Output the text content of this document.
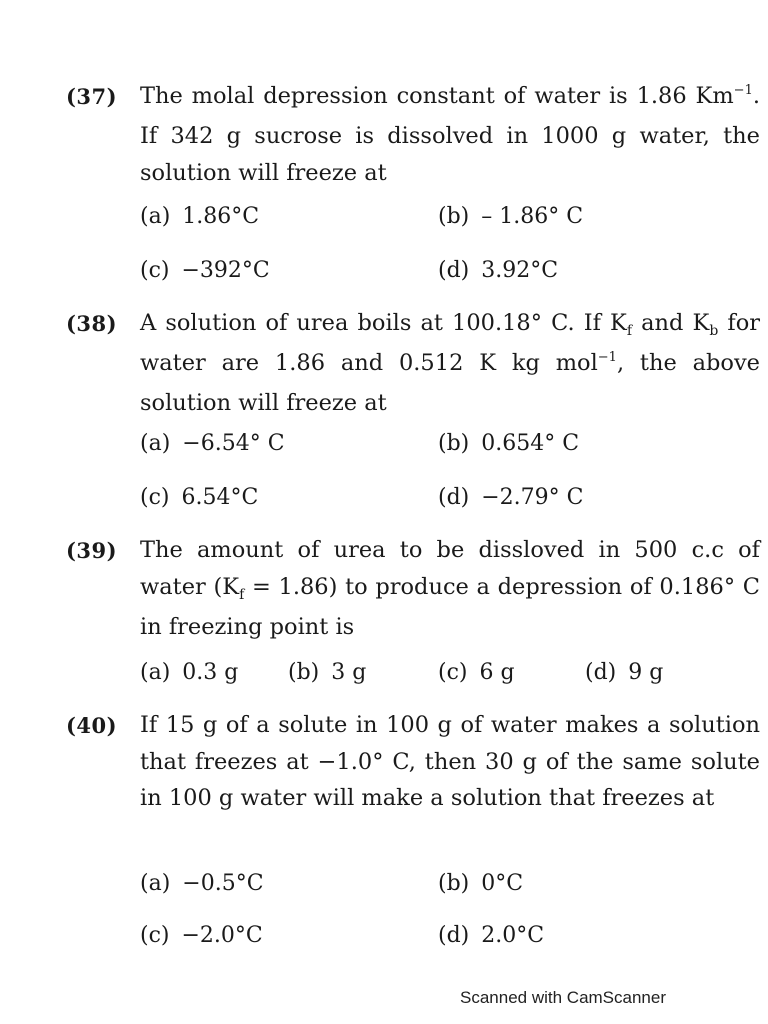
(37) The molal depression constant of water is 1.86 $Km^{-1}$. If 342 g sucrose is dissolved in 1000 g water, the solution will freeze at
(a) 1.86°C	(b) – 1.86° C
(c) −392°C	(d) 3.92°C
(38) A solution of urea boils at 100.18° C. If $K_f$ and $K_b$ for water are 1.86 and 0.512 K kg mol$^{-1}$, the above solution will freeze at
(a) −6.54° C	(b) 0.654° C
(c) 6.54°C	(d) −2.79° C
(39) The amount of urea to be dissloved in 500 c.c of water $(K_f = 1.86)$ to produce a depression of 0.186° C in freezing point is
(a) 0.3 g (b) 3 g	(c) 6 g	(d) 9 g
(40) If 15 g of a solute in 100 g of water makes a solution that freezes at −1.0° C, then 30 g of the same solute in 100 g water will make a solution that freezes at
(a) −0.5°C	(b) 0°C
(c) −2.0°C	(d) 2.0°C
Scanned with CamScanner
